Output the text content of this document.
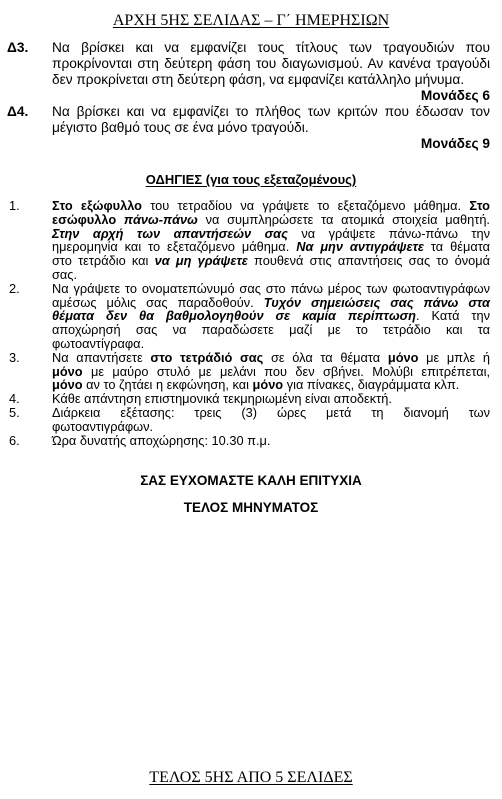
ΑΡΧΗ 5ΗΣ ΣΕΛΙΔΑΣ – Γ΄ ΗΜΕΡΗΣΙΩΝ
Δ3. Να βρίσκει και να εμφανίζει τους τίτλους των τραγουδιών που
προκρίνονται στη δεύτερη φάση του διαγωνισμού. Αν κανένα τραγούδι
δεν προκρίνεται στη δεύτερη φάση, να εμφανίζει κατάλληλο μήνυμα.
Μονάδες 6
Δ4. Να βρίσκει και να εμφανίζει το πλήθος των κριτών που έδωσαν τον
μέγιστο βαθμό τους σε ένα μόνο τραγούδι.
Μονάδες 9
ΟΔΗΓΙΕΣ (για τους εξεταζομένους)
1.	Στο εξώφυλλο του τετραδίου να γράψετε το εξεταζόμενο μάθημα. Στο
εσώφυλλο πάνω-πάνω να συμπληρώσετε τα ατομικά στοιχεία μαθητή.
Στην αρχή των απαντήσεών σας να γράψετε πάνω-πάνω την
ημερομηνία και το εξεταζόμενο μάθημα. Να μην αντιγράψετε τα θέματα
στο τετράδιο και να μη γράψετε πουθενά στις απαντήσεις σας το όνομά
σας.
2.	Να γράψετε το ονοματεπώνυμό σας στο πάνω μέρος των φωτοαντιγράφων
αμέσως μόλις σας παραδοθούν. Τυχόν σημειώσεις σας πάνω στα
θέματα δεν θα βαθμολογηθούν σε καμία περίπτωση. Κατά την
αποχώρησή σας να παραδώσετε μαζί με το τετράδιο και τα
φωτοαντίγραφα.
3.	Να απαντήσετε στο τετράδιό σας σε όλα τα θέματα μόνο με μπλε ή
μόνο με μαύρο στυλό με μελάνι που δεν σβήνει. Μολύβι επιτρέπεται,
μόνο αν το ζητάει η εκφώνηση, και μόνο για πίνακες, διαγράμματα κλπ.
4.	Κάθε απάντηση επιστημονικά τεκμηριωμένη είναι αποδεκτή.
5.	Διάρκεια εξέτασης: τρεις (3) ώρες μετά τη διανομή των
φωτοαντιγράφων.
6.	Ώρα δυνατής αποχώρησης: 10.30 π.μ.
ΣΑΣ ΕΥΧΟΜΑΣΤΕ ΚΑΛΗ ΕΠΙΤΥΧΙΑ
ΤΕΛΟΣ ΜΗΝΥΜΑΤΟΣ
ΤΕΛΟΣ 5ΗΣ ΑΠΟ 5 ΣΕΛΙΔΕΣ
